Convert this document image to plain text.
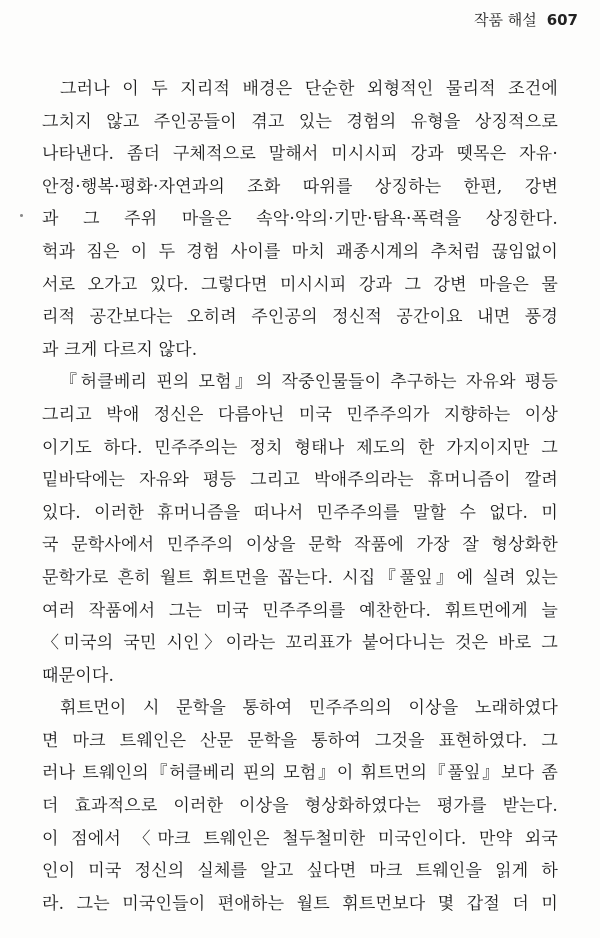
작품 해설 607
그러나 이 두 지리적 배경은 단순한 외형적인 물리적 조건에
그치지 않고 주인공들이 겪고 있는 경험의 유형을 상징적으로
나타낸다. 좀더 구체적으로 말해서 미시시피 강과 뗏목은 자유·
안정·행복·평화·자연과의 조화 따위를 상징하는 한편, 강변
과 그 주위 마을은 속악·악의·기만·탐욕·폭력을 상징한다.
헉과 짐은 이 두 경험 사이를 마치 괘종시계의 추처럼 끊임없이
서로 오가고 있다. 그렇다면 미시시피 강과 그 강변 마을은 물
리적 공간보다는 오히려 주인공의 정신적 공간이요 내면 풍경
과 크게 다르지 않다.
『허클베리 핀의 모험』의 작중인물들이 추구하는 자유와 평등
그리고 박애 정신은 다름아닌 미국 민주주의가 지향하는 이상
이기도 하다. 민주주의는 정치 형태나 제도의 한 가지이지만 그
밑바닥에는 자유와 평등 그리고 박애주의라는 휴머니즘이 깔려
있다. 이러한 휴머니즘을 떠나서 민주주의를 말할 수 없다. 미
국 문학사에서 민주주의 이상을 문학 작품에 가장 잘 형상화한
문학가로 흔히 월트 휘트먼을 꼽는다. 시집『풀잎』에 실려 있는
여러 작품에서 그는 미국 민주주의를 예찬한다. 휘트먼에게 늘
〈미국의 국민 시인〉이라는 꼬리표가 붙어다니는 것은 바로 그
때문이다.
휘트먼이 시 문학을 통하여 민주주의의 이상을 노래하였다
면 마크 트웨인은 산문 문학을 통하여 그것을 표현하였다. 그
러나 트웨인의『허클베리 핀의 모험』이 휘트먼의『풀잎』보다 좀
더 효과적으로 이러한 이상을 형상화하였다는 평가를 받는다.
이 점에서 〈마크 트웨인은 철두철미한 미국인이다. 만약 외국
인이 미국 정신의 실체를 알고 싶다면 마크 트웨인을 읽게 하
라. 그는 미국인들이 편애하는 월트 휘트먼보다 몇 갑절 더 미
